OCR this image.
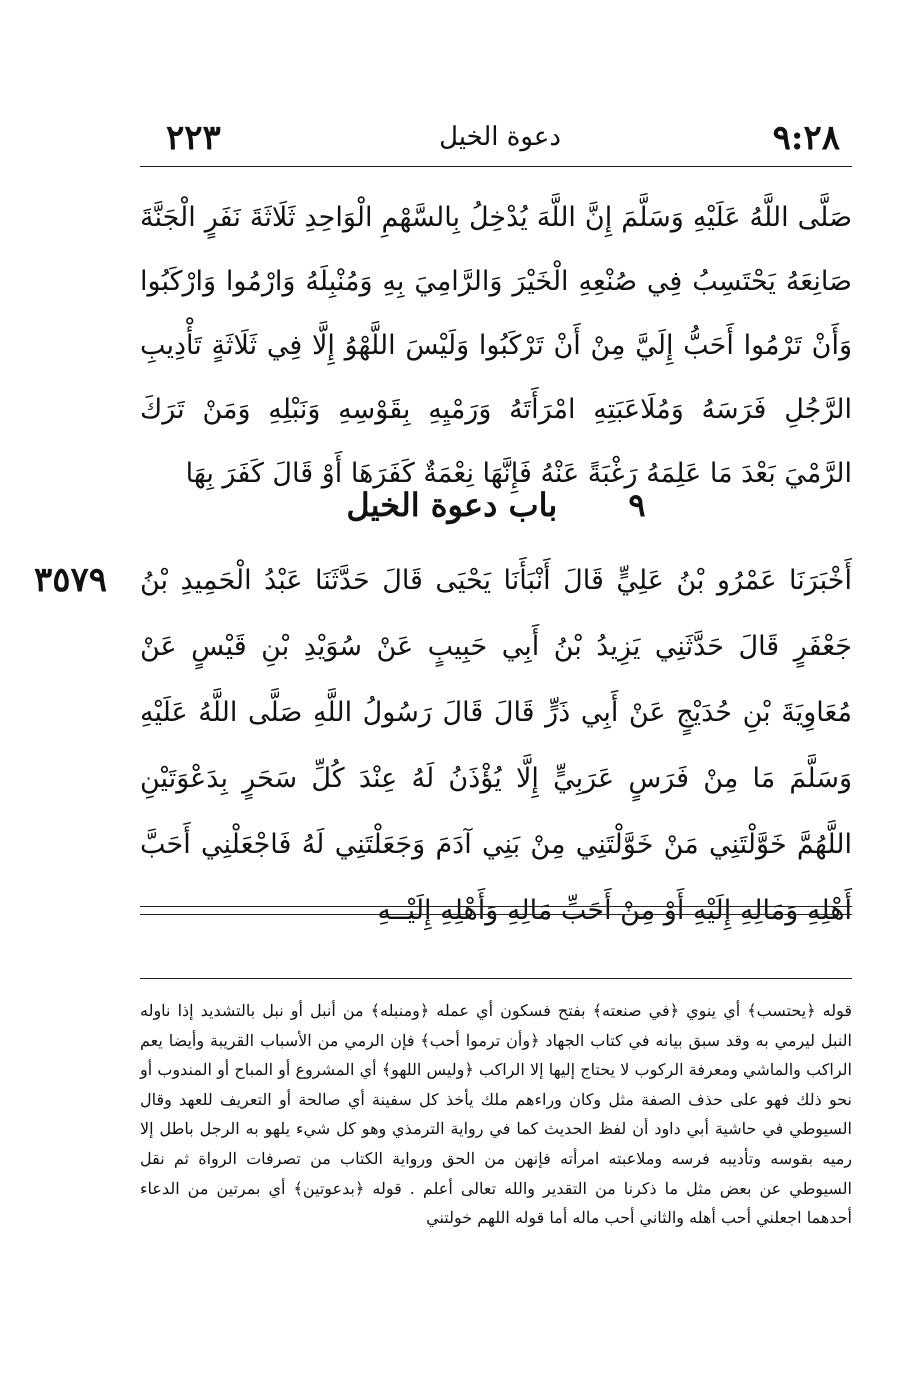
٩:٢٨
دعوة الخيل
٢٢٣

صَلَّى اللَّهُ عَلَيْهِ وَسَلَّمَ إِنَّ اللَّهَ يُدْخِلُ بِالسَّهْمِ الْوَاحِدِ ثَلَاثَةَ نَفَرٍ الْجَنَّةَ صَانِعَهُ يَحْتَسِبُ فِي صُنْعِهِ الْخَيْرَ وَالرَّامِيَ بِهِ وَمُنْبِلَهُ وَارْمُوا وَارْكَبُوا وَأَنْ تَرْمُوا أَحَبُّ إِلَيَّ مِنْ أَنْ تَرْكَبُوا وَلَيْسَ اللَّهْوُ إِلَّا فِي ثَلَاثَةٍ تَأْدِيبِ الرَّجُلِ فَرَسَهُ وَمُلَاعَبَتِهِ امْرَأَتَهُ وَرَمْيِهِ بِقَوْسِهِ وَنَبْلِهِ وَمَنْ تَرَكَ الرَّمْيَ بَعْدَ مَا عَلِمَهُ رَغْبَةً عَنْهُ فَإِنَّهَا نِعْمَةٌ كَفَرَهَا أَوْ قَالَ كَفَرَ بِهَا

٩ باب دعوة الخيل
٣٥٧٩ أَخْبَرَنَا عَمْرُو بْنُ عَلِيٍّ قَالَ أَنْبَأَنَا يَحْيَى قَالَ حَدَّثَنَا عَبْدُ الْحَمِيدِ بْنُ جَعْفَرٍ قَالَ حَدَّثَنِي يَزِيدُ بْنُ أَبِي حَبِيبٍ عَنْ سُوَيْدِ بْنِ قَيْسٍ عَنْ مُعَاوِيَةَ بْنِ حُدَيْجٍ عَنْ أَبِي ذَرٍّ قَالَ قَالَ رَسُولُ اللَّهِ صَلَّى اللَّهُ عَلَيْهِ وَسَلَّمَ مَا مِنْ فَرَسٍ عَرَبِيٍّ إِلَّا يُؤْذَنُ لَهُ عِنْدَ كُلِّ سَحَرٍ بِدَعْوَتَيْنِ اللَّهُمَّ خَوَّلْتَنِي مَنْ خَوَّلْتَنِي مِنْ بَنِي آدَمَ وَجَعَلْتَنِي لَهُ فَاجْعَلْنِي أَحَبَّ أَهْلِهِ وَمَالِهِ إِلَيْهِ أَوْ مِنْ أَحَبِّ مَالِهِ وَأَهْلِهِ إِلَيْــهِ

قوله ﴿يحتسب﴾ أي ينوي ﴿في صنعته﴾ بفتح فسكون أي عمله ﴿ومنبله﴾ من أنبل أو نبل بالتشديد إذا ناوله النبل ليرمي به وقد سبق بيانه في كتاب الجهاد ﴿وأن ترموا أحب﴾ فإن الرمي من الأسباب القريبة وأيضا يعم الراكب والماشي ومعرفة الركوب لا يحتاج إليها إلا الراكب ﴿وليس اللهو﴾ أي المشروع أو المباح أو المندوب أو نحو ذلك فهو على حذف الصفة مثل وكان وراءهم ملك يأخذ كل سفينة أي صالحة أو التعريف للعهد وقال السيوطي في حاشية أبي داود أن لفظ الحديث كما في رواية الترمذي وهو كل شيء يلهو به الرجل باطل إلا رميه بقوسه وتأديبه فرسه وملاعبته امرأته فإنهن من الحق ورواية الكتاب من تصرفات الرواة ثم نقل السيوطي عن بعض مثل ما ذكرنا من التقدير والله تعالى أعلم . قوله ﴿بدعوتين﴾ أي بمرتين من الدعاء أحدهما اجعلني أحب أهله والثاني أحب ماله أما قوله اللهم خولتني
